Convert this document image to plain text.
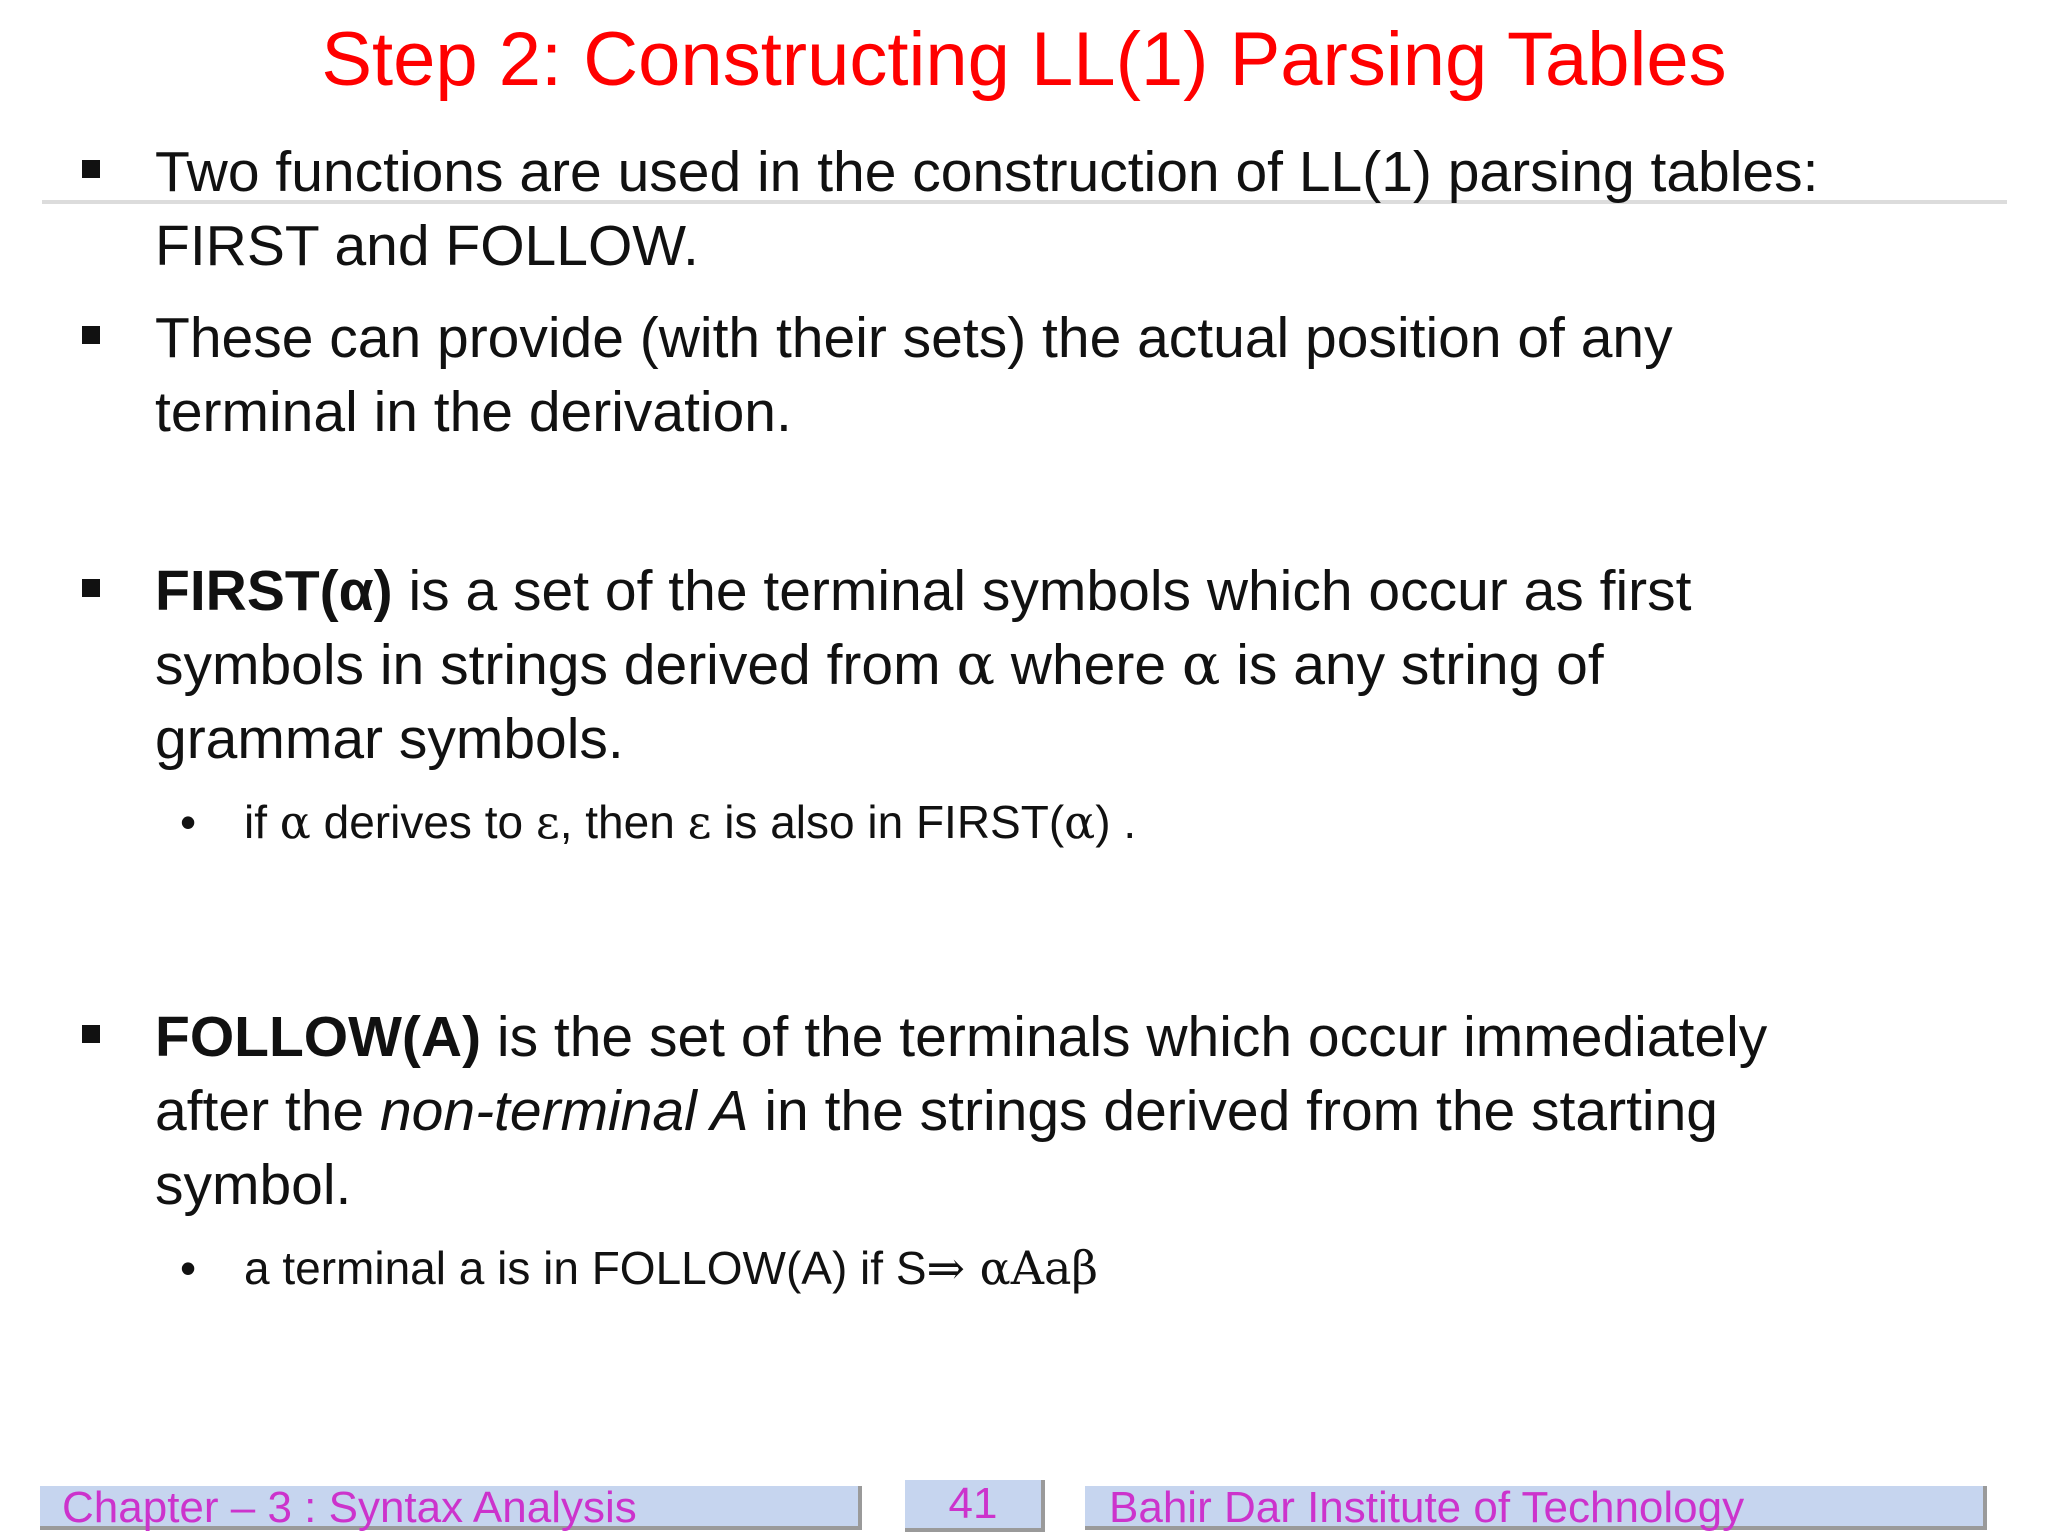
Step 2: Constructing LL(1) Parsing Tables
Two functions are used in the construction of LL(1) parsing tables:
FIRST and FOLLOW.
These can provide (with their sets) the actual position of any
terminal in the derivation.
FIRST(α) is a set of the terminal symbols which occur as first
symbols in strings derived from α where α is any string of
grammar symbols.
• if α derives to ε, then ε is also in FIRST(α) .
FOLLOW(A) is the set of the terminals which occur immediately
after the non-terminal A in the strings derived from the starting
symbol.
• a terminal a is in FOLLOW(A) if S⇒ αAaβ
Chapter – 3 : Syntax Analysis	41	Bahir Dar Institute of Technology
